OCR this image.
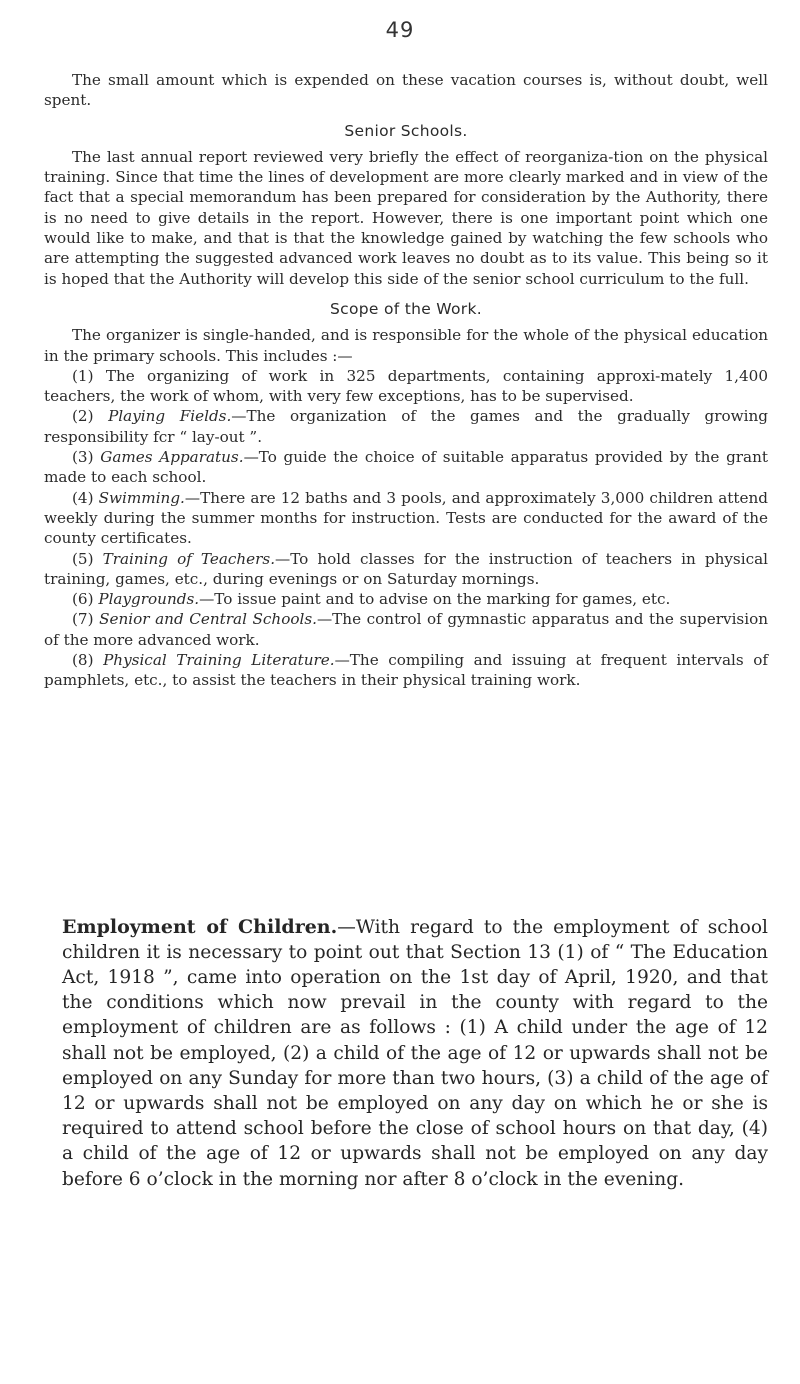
49

The small amount which is expended on these vacation courses is, without doubt, well spent.

Senior Schools.

The last annual report reviewed very briefly the effect of reorganiza-tion on the physical training. Since that time the lines of development are more clearly marked and in view of the fact that a special memorandum has been prepared for consideration by the Authority, there is no need to give details in the report. However, there is one important point which one would like to make, and that is that the knowledge gained by watching the few schools who are attempting the suggested advanced work leaves no doubt as to its value. This being so it is hoped that the Authority will develop this side of the senior school curriculum to the full.

Scope of the Work.

The organizer is single-handed, and is responsible for the whole of the physical education in the primary schools. This includes :—

(1) The organizing of work in 325 departments, containing approxi-mately 1,400 teachers, the work of whom, with very few exceptions, has to be supervised.

(2) Playing Fields.—The organization of the games and the gradually growing responsibility fcr “ lay-out ”.

(3) Games Apparatus.—To guide the choice of suitable apparatus provided by the grant made to each school.

(4) Swimming.—There are 12 baths and 3 pools, and approximately 3,000 children attend weekly during the summer months for instruction. Tests are conducted for the award of the county certificates.

(5) Training of Teachers.—To hold classes for the instruction of teachers in physical training, games, etc., during evenings or on Saturday mornings.

(6) Playgrounds.—To issue paint and to advise on the marking for games, etc.

(7) Senior and Central Schools.—The control of gymnastic apparatus and the supervision of the more advanced work.

(8) Physical Training Literature.—The compiling and issuing at frequent intervals of pamphlets, etc., to assist the teachers in their physical training work.

Employment of Children.—With regard to the employment of school children it is necessary to point out that Section 13 (1) of “ The Education Act, 1918 ”, came into operation on the 1st day of April, 1920, and that the conditions which now prevail in the county with regard to the employment of children are as follows : (1) A child under the age of 12 shall not be employed, (2) a child of the age of 12 or upwards shall not be employed on any Sunday for more than two hours, (3) a child of the age of 12 or upwards shall not be employed on any day on which he or she is required to attend school before the close of school hours on that day, (4) a child of the age of 12 or upwards shall not be employed on any day before 6 o’clock in the morning nor after 8 o’clock in the evening.
